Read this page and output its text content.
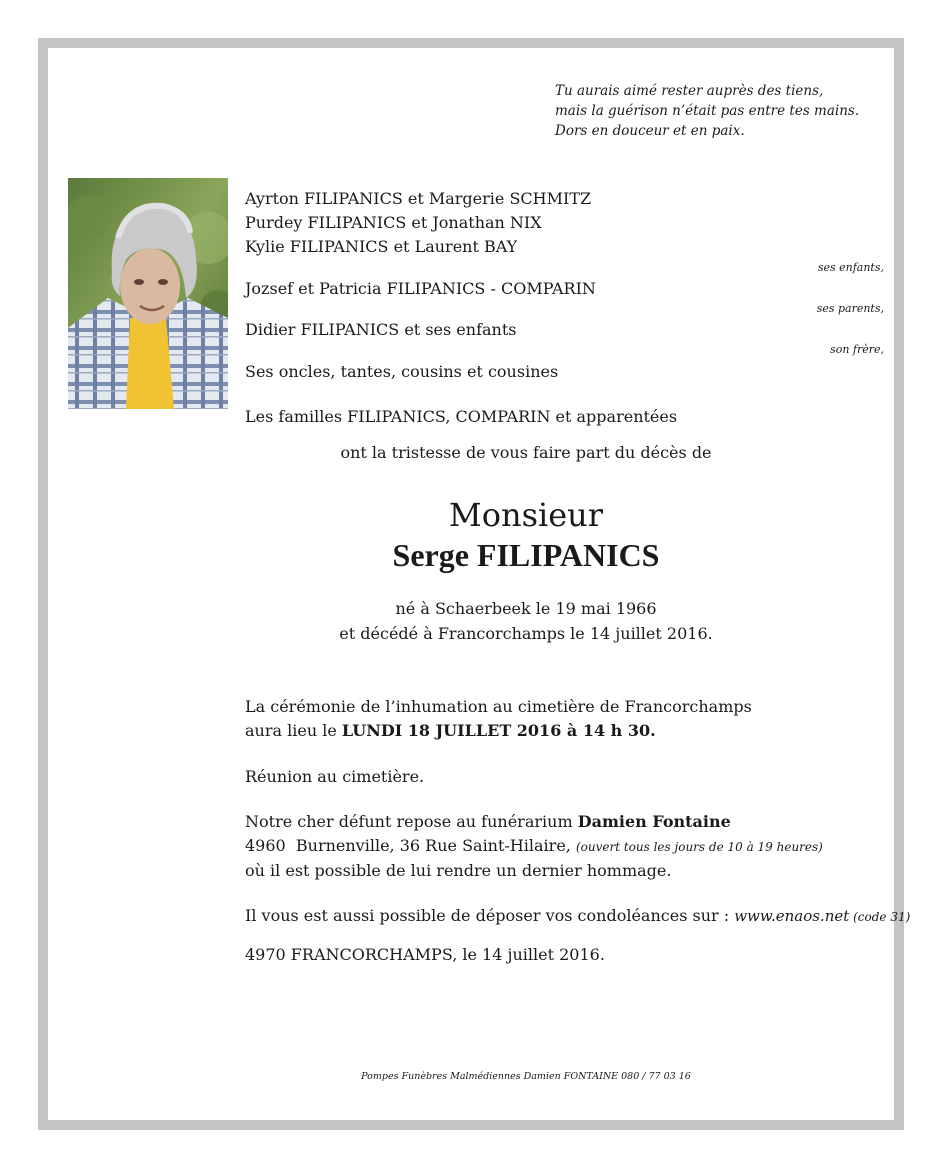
Tu aurais aimé rester auprès des tiens,
mais la guérison n’était pas entre tes mains.
Dors en douceur et en paix.
Ayrton FILIPANICS et Margerie SCHMITZ
Purdey FILIPANICS et Jonathan NIX
Kylie FILIPANICS et Laurent BAY
ses enfants,
Jozsef et Patricia FILIPANICS - COMPARIN
ses parents,
Didier FILIPANICS et ses enfants
son frère,
Ses oncles, tantes, cousins et cousines
Les familles FILIPANICS, COMPARIN et apparentées
ont la tristesse de vous faire part du décès de
Monsieur
Serge FILIPANICS
né à Schaerbeek le 19 mai 1966
et décédé à Francorchamps le 14 juillet 2016.
La cérémonie de l’inhumation au cimetière de Francorchamps
aura lieu le LUNDI 18 JUILLET 2016 à 14 h 30.
Réunion au cimetière.
Notre cher défunt repose au funérarium Damien Fontaine
4960  Burnenville, 36 Rue Saint-Hilaire, (ouvert tous les jours de 10 à 19 heures)
où il est possible de lui rendre un dernier hommage.
Il vous est aussi possible de déposer vos condoléances sur : www.enaos.net (code 31)
4970 FRANCORCHAMPS, le 14 juillet 2016.
Pompes Funèbres Malmédiennes Damien FONTAINE 080 / 77 03 16
